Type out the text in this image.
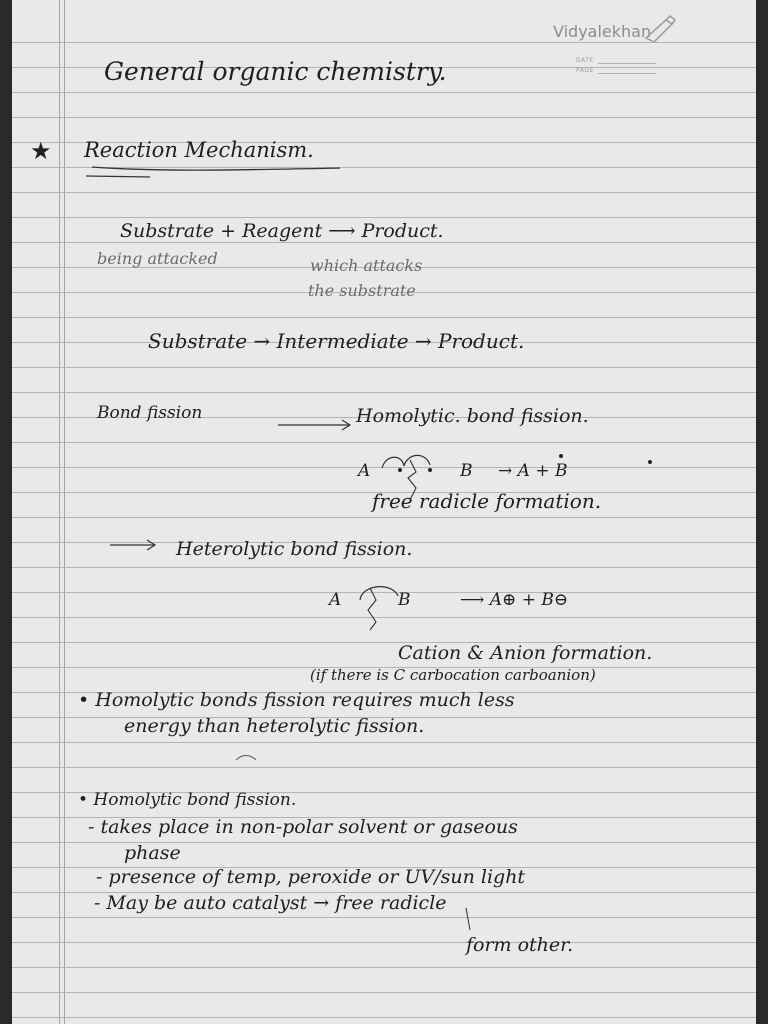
Vidyalekhan
DATE
PAGE
General organic chemistry.
★ Reaction Mechanism.
Substrate + Reagent ⟶ Product.
being attacked	which attacks
the substrate
Substrate → Intermediate → Product.
Bond fission	Homolytic. bond fission.
A	B → A + B
free radicle formation.
Heterolytic bond fission.
A	B	⟶ A⊕ + B⊖
Cation & Anion formation.
(if there is C carbocation carboanion)
• Homolytic bonds fission requires much less
energy than heterolytic fission.
• Homolytic bond fission.
- takes place in non-polar solvent or gaseous
phase
- presence of temp, peroxide or UV/sun light
- May be auto catalyst → free radicle
form other.
